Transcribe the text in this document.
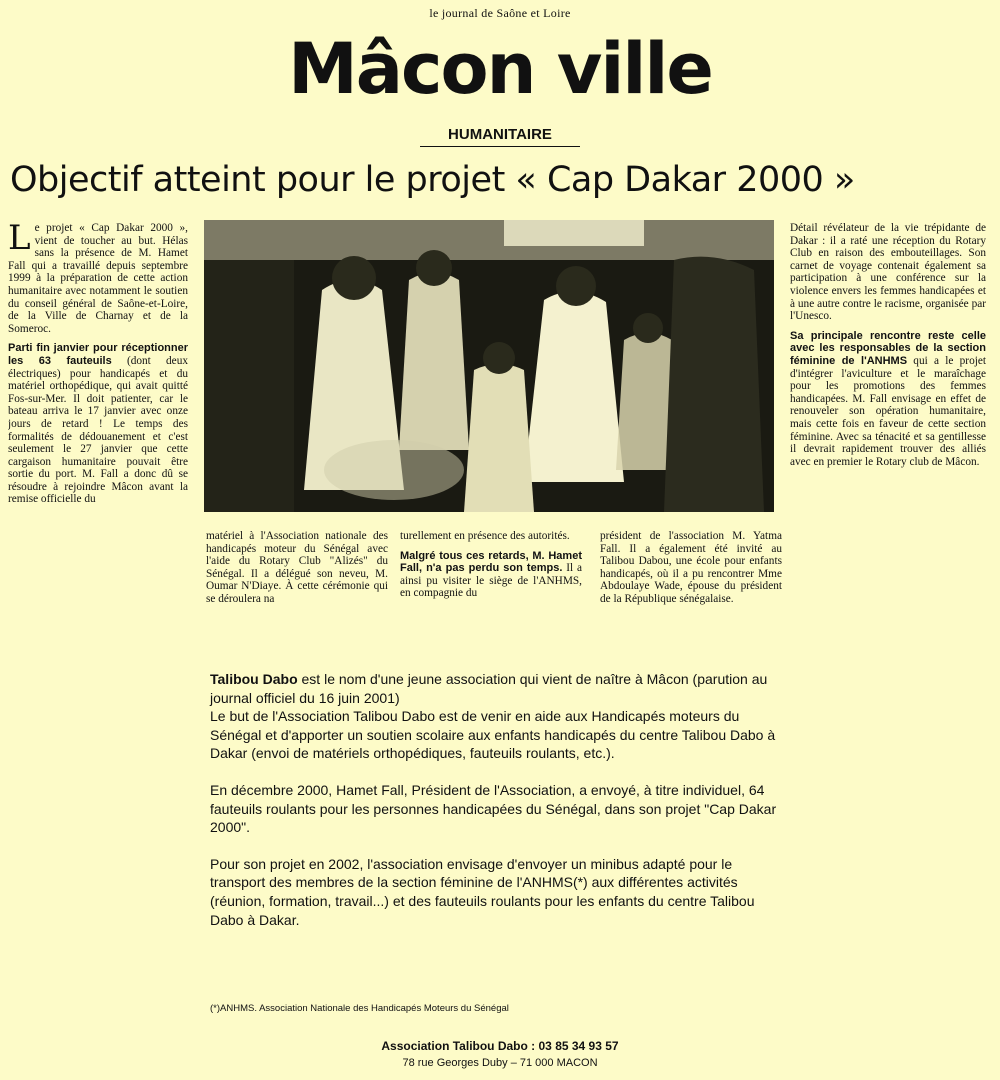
le journal de Saône et Loire
Mâcon ville
HUMANITAIRE
Objectif atteint pour le projet « Cap Dakar 2000 »

Le projet « Cap Dakar 2000 », vient de toucher au but. Hélas sans la présence de M. Hamet Fall qui a travaillé depuis septembre 1999 à la préparation de cette action humanitaire avec notamment le soutien du conseil général de Saône-et-Loire, de la Ville de Charnay et de la Someroc.

Parti fin janvier pour réceptionner les 63 fauteuils (dont deux électriques) pour handicapés et du matériel orthopédique, qui avait quitté Fos-sur-Mer. Il doit patienter, car le bateau arriva le 17 janvier avec onze jours de retard ! Le temps des formalités de dédouanement et c'est seulement le 27 janvier que cette cargaison humanitaire pouvait être sortie du port. M. Fall a donc dû se résoudre à rejoindre Mâcon avant la remise officielle du

matériel à l'Association nationale des handicapés moteur du Sénégal avec l'aide du Rotary Club "Alizés" du Sénégal. Il a délégué son neveu, M. Oumar N'Diaye. À cette cérémonie qui se déroulera na

turellement en présence des autorités.

Malgré tous ces retards, M. Hamet Fall, n'a pas perdu son temps. Il a ainsi pu visiter le siège de l'ANHMS, en compagnie du

président de l'association M. Yatma Fall. Il a également été invité au Talibou Dabou, une école pour enfants handicapés, où il a pu rencontrer Mme Abdoulaye Wade, épouse du président de la République sénégalaise.

Détail révélateur de la vie trépidante de Dakar : il a raté une réception du Rotary Club en raison des embouteillages. Son carnet de voyage contenait également sa participation à une conférence sur la violence envers les femmes handicapées et à une autre contre le racisme, organisée par l'Unesco.

Sa principale rencontre reste celle avec les responsables de la section féminine de l'ANHMS qui a le projet d'intégrer l'aviculture et le maraîchage pour les promotions des femmes handicapées. M. Fall envisage en effet de renouveler son opération humanitaire, mais cette fois en faveur de cette section féminine. Avec sa ténacité et sa gentillesse il devrait rapidement trouver des alliés avec en premier le Rotary club de Mâcon.

Talibou Dabo est le nom d'une jeune association qui vient de naître à Mâcon (parution au journal officiel du 16 juin 2001)
Le but de l'Association Talibou Dabo est de venir en aide aux Handicapés moteurs du Sénégal et d'apporter un soutien scolaire aux enfants handicapés du centre Talibou Dabo à Dakar (envoi de matériels orthopédiques, fauteuils roulants, etc.).

En décembre 2000, Hamet Fall, Président de l'Association, a envoyé, à titre individuel, 64 fauteuils roulants pour les personnes handicapées du Sénégal, dans son projet "Cap Dakar 2000".

Pour son projet en 2002, l'association envisage d'envoyer un minibus adapté pour le transport des membres de la section féminine de l'ANHMS(*) aux différentes activités (réunion, formation, travail...) et des fauteuils roulants pour les enfants du centre Talibou Dabo à Dakar.

(*)ANHMS. Association Nationale des Handicapés Moteurs du Sénégal
Association Talibou Dabo : 03 85 34 93 57
78 rue Georges Duby – 71 000 MACON
